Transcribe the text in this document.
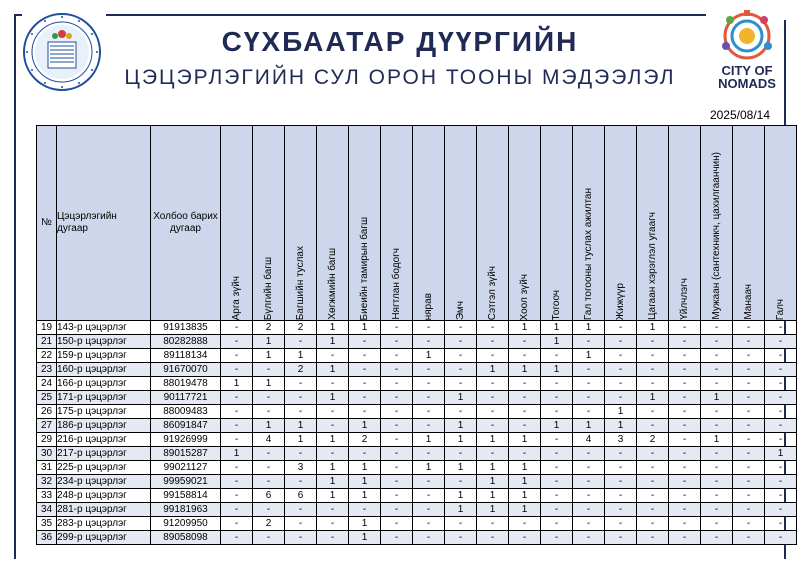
CITY OF NOMADS
СҮХБААТАР ДҮҮРГИЙН
ЦЭЦЭРЛЭГИЙН СУЛ ОРОН ТООНЫ МЭДЭЭЛЭЛ
2025/08/14
№	Цэцэрлэгийн дугаар	Холбоо барих дугаар	Арга зүйч	Бүлгийн багш	Багшийн туслах	Хөгжмийн багш	Биеийн тамирын багш	Нягтлан бодогч	нярав	Эмч	Сэтгэл зүйч	Хоол зүйч	Тогооч	Гал тогооны туслах ажилтан	Жижүүр	Цагаан хэрэглэл угаагч	Үйлчлэгч	Мужаан (сантехникч, цахилгаанчин)	Манаач	Галч

19	143-р цэцэрлэг	91913835	-	2	2	1	1	-	-	-	-	1	1	1	-	1	-	-	-	-
21	150-р цэцэрлэг	80282888	-	1	-	1	-	-	-	-	-	-	1	-	-	-	-	-	-	-
22	159-р цэцэрлэг	89118134	-	1	1	-	-	-	1	-	-	-	-	1	-	-	-	-	-	-
23	160-р цэцэрлэг	91670070	-	-	2	1	-	-	-	-	1	1	1	-	-	-	-	-	-	-
24	166-р цэцэрлэг	88019478	1	1	-	-	-	-	-	-	-	-	-	-	-	-	-	-	-	-
25	171-р цэцэрлэг	90117721	-	-	-	1	-	-	-	1	-	-	-	-	-	1	-	1	-	-
26	175-р цэцэрлэг	88009483	-	-	-	-	-	-	-	-	-	-	-	-	1	-	-	-	-	-
27	186-р цэцэрлэг	86091847	-	1	1	-	1	-	-	1	-	-	1	1	1	-	-	-	-	-
29	216-р цэцэрлэг	91926999	-	4	1	1	2	-	1	1	1	1	-	4	3	2	-	1	-	-
30	217-р цэцэрлэг	89015287	1	-	-	-	-	-	-	-	-	-	-	-	-	-	-	-	-	1
31	225-р цэцэрлэг	99021127	-	-	3	1	1	-	1	1	1	1	-	-	-	-	-	-	-	-
32	234-р цэцэрлэг	99959021	-	-	-	1	1	-	-	-	1	1	-	-	-	-	-	-	-	-
33	248-р цэцэрлэг	99158814	-	6	6	1	1	-	-	1	1	1	-	-	-	-	-	-	-	-
34	281-р цэцэрлэг	99181963	-	-	-	-	-	-	-	1	1	1	-	-	-	-	-	-	-	-
35	283-р цэцэрлэг	91209950	-	2	-	-	1	-	-	-	-	-	-	-	-	-	-	-	-	-
36	299-р цэцэрлэг	89058098	-	-	-	-	1	-	-	-	-	-	-	-	-	-	-	-	-	-
